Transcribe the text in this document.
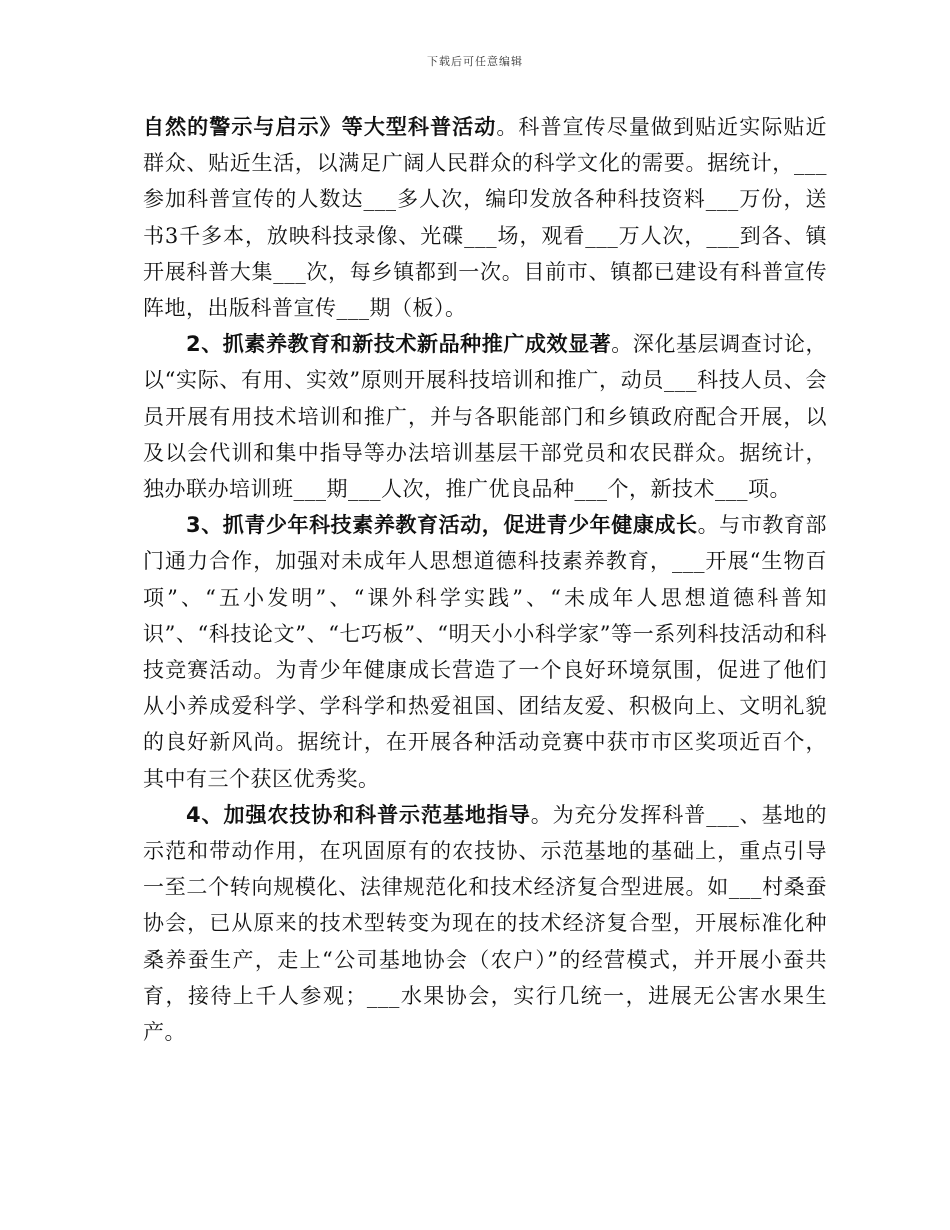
下载后可任意编辑

自然的警示与启示》等大型科普活动。科普宣传尽量做到贴近实际贴近群众、贴近生活，以满足广阔人民群众的科学文化的需要。据统计，___参加科普宣传的人数达___多人次，编印发放各种科技资料___万份，送书3千多本，放映科技录像、光碟___场，观看___万人次，___到各、镇开展科普大集___次，每乡镇都到一次。目前市、镇都已建设有科普宣传阵地，出版科普宣传___期（板）。

2、抓素养教育和新技术新品种推广成效显著。深化基层调查讨论，以“实际、有用、实效”原则开展科技培训和推广，动员___科技人员、会员开展有用技术培训和推广，并与各职能部门和乡镇政府配合开展，以及以会代训和集中指导等办法培训基层干部党员和农民群众。据统计，独办联办培训班___期___人次，推广优良品种___个，新技术___项。

3、抓青少年科技素养教育活动，促进青少年健康成长。与市教育部门通力合作，加强对未成年人思想道德科技素养教育，___开展“生物百项”、“五小发明”、“课外科学实践”、“未成年人思想道德科普知识”、“科技论文”、“七巧板”、“明天小小科学家”等一系列科技活动和科技竞赛活动。为青少年健康成长营造了一个良好环境氛围，促进了他们从小养成爱科学、学科学和热爱祖国、团结友爱、积极向上、文明礼貌的良好新风尚。据统计，在开展各种活动竞赛中获市市区奖项近百个，其中有三个获区优秀奖。

4、加强农技协和科普示范基地指导。为充分发挥科普___、基地的示范和带动作用，在巩固原有的农技协、示范基地的基础上，重点引导一至二个转向规模化、法律规范化和技术经济复合型进展。如___村桑蚕协会，已从原来的技术型转变为现在的技术经济复合型，开展标准化种桑养蚕生产，走上“公司基地协会（农户）”的经营模式，并开展小蚕共育，接待上千人参观；___水果协会，实行几统一，进展无公害水果生产。
